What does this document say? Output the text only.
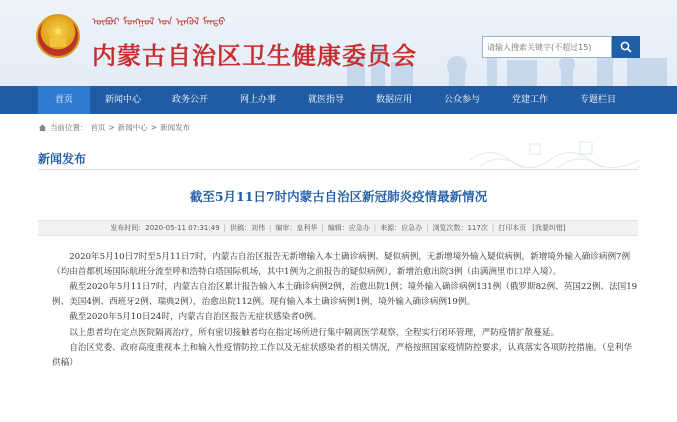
★
ᠥᠪᠥᠷ ᠮᠣᠩᠭᠣᠯ ᠤᠨ ᠡᠷᠡᠭᠦᠯ ᠮᠡᠨᠳᠦ
内蒙古自治区卫生健康委员会
请输入搜索关键字(不超过15)
首页	新闻中心	政务公开	网上办事	就医指导	数据应用	公众参与	党建工作	专题栏目
当前位置： 首页 > 新闻中心 > 新闻发布
新闻发布
截至5月11日7时内蒙古自治区新冠肺炎疫情最新情况
发布时间：2020-05-11 07:31:49 | 供稿：刘伟 | 编审：皇利华 | 编辑：应急办 | 来源：应急办 | 浏览次数：117次 | 打印本页 [我要纠错]

2020年5月10日7时至5月11日7时，内蒙古自治区报告无新增输入本土确诊病例、疑似病例，无新增境外输入疑似病例，新增境外输入确诊病例7例（均由首都机场国际航班分流至呼和浩特白塔国际机场，其中1例为之前报告的疑似病例），新增治愈出院3例（由满洲里市口岸入境）。

截至2020年5月11日7时，内蒙古自治区累计报告输入本土确诊病例2例，治愈出院1例；境外输入确诊病例131例（俄罗斯82例、英国22例、法国19例、美国4例、西班牙2例、瑞典2例），治愈出院112例。现有输入本土确诊病例1例，境外输入确诊病例19例。

截至2020年5月10日24时，内蒙古自治区报告无症状感染者0例。

以上患者均在定点医院隔离治疗，所有密切接触者均在指定场所进行集中隔离医学观察，全程实行闭环管理，严防疫情扩散蔓延。

自治区党委、政府高度重视本土和输入性疫情防控工作以及无症状感染者的相关情况，严格按照国家疫情防控要求，认真落实各项防控措施。（皇利华 供稿）
